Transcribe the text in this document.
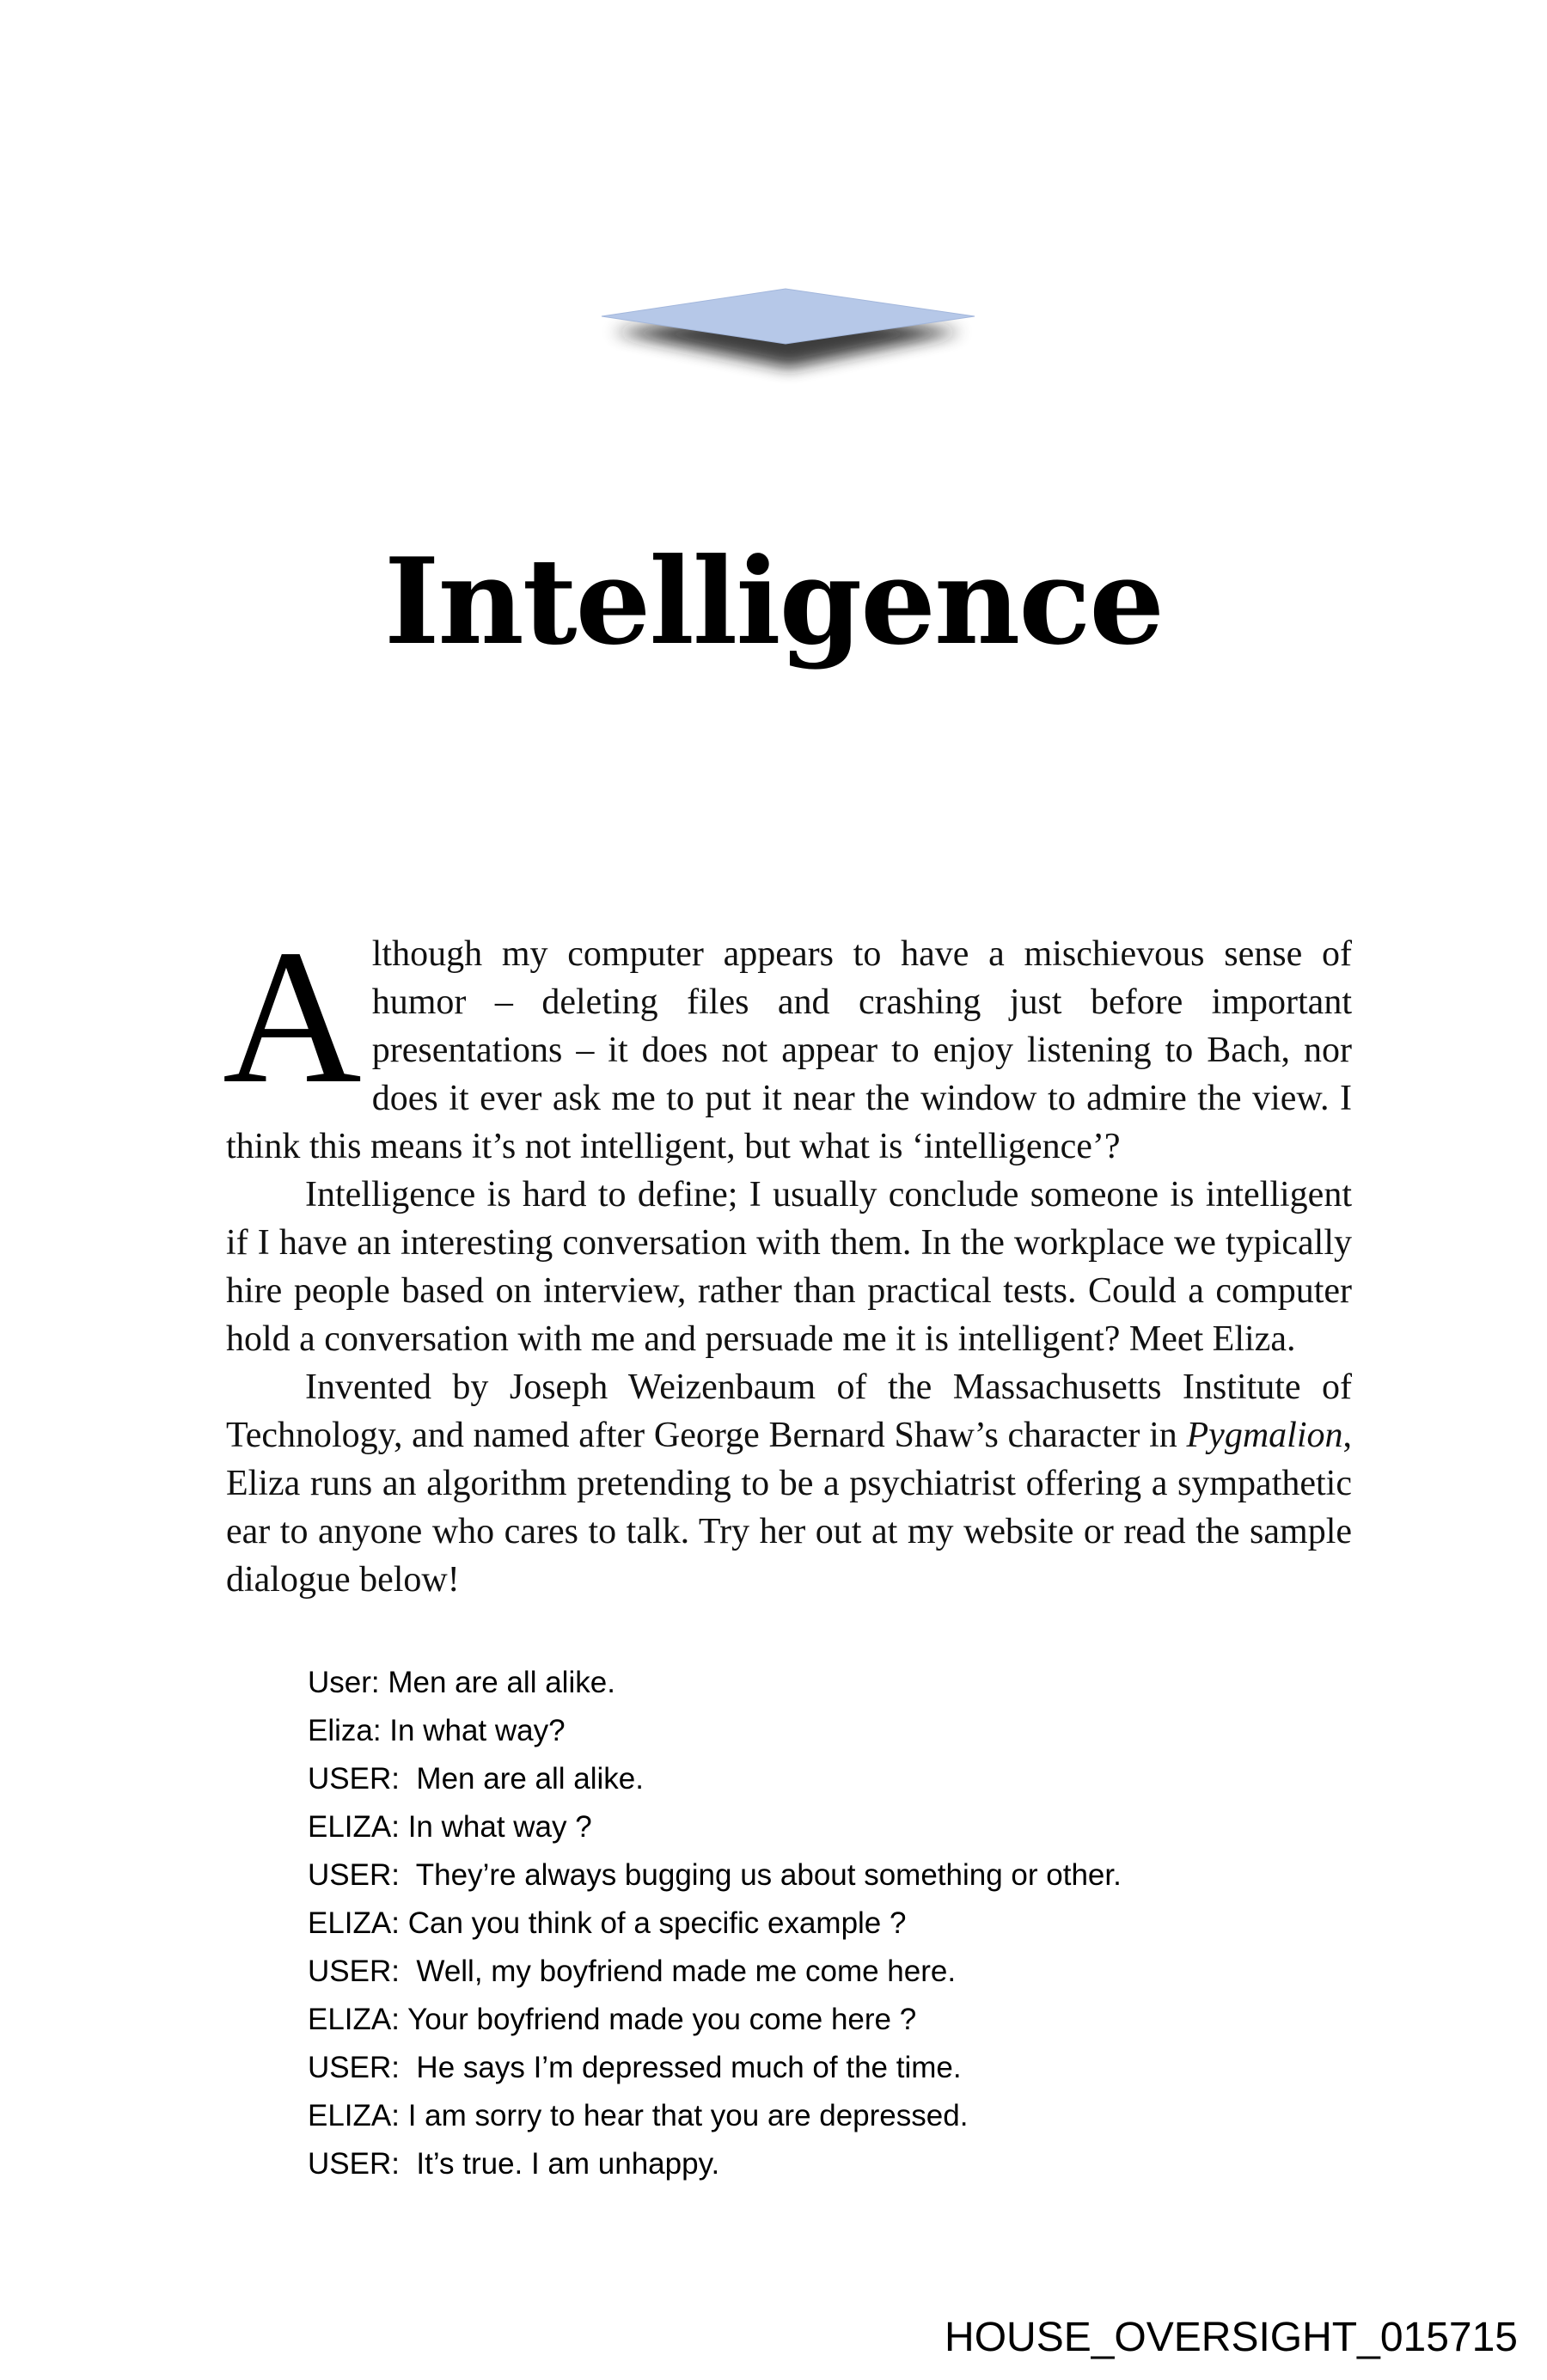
Intelligence

Although my computer appears to have a mischievous sense of humor – deleting files and crashing just before important presentations – it does not appear to enjoy listening to Bach, nor does it ever ask me to put it near the window to admire the view. I think this means it’s not intelligent, but what is ‘intelligence’?

Intelligence is hard to define; I usually conclude someone is intelligent if I have an interesting conversation with them. In the workplace we typically hire people based on interview, rather than practical tests. Could a computer hold a conversation with me and persuade me it is intelligent? Meet Eliza.

Invented by Joseph Weizenbaum of the Massachusetts Institute of Technology, and named after George Bernard Shaw’s character in Pygmalion, Eliza runs an algorithm pretending to be a psychiatrist offering a sympathetic ear to anyone who cares to talk. Try her out at my website or read the sample dialogue below!

User: Men are all alike.
Eliza: In what way?
USER:  Men are all alike.
ELIZA: In what way ?
USER:  They’re always bugging us about something or other.
ELIZA: Can you think of a specific example ?
USER:  Well, my boyfriend made me come here.
ELIZA: Your boyfriend made you come here ?
USER:  He says I’m depressed much of the time.
ELIZA: I am sorry to hear that you are depressed.
USER:  It’s true. I am unhappy.
HOUSE_OVERSIGHT_015715
